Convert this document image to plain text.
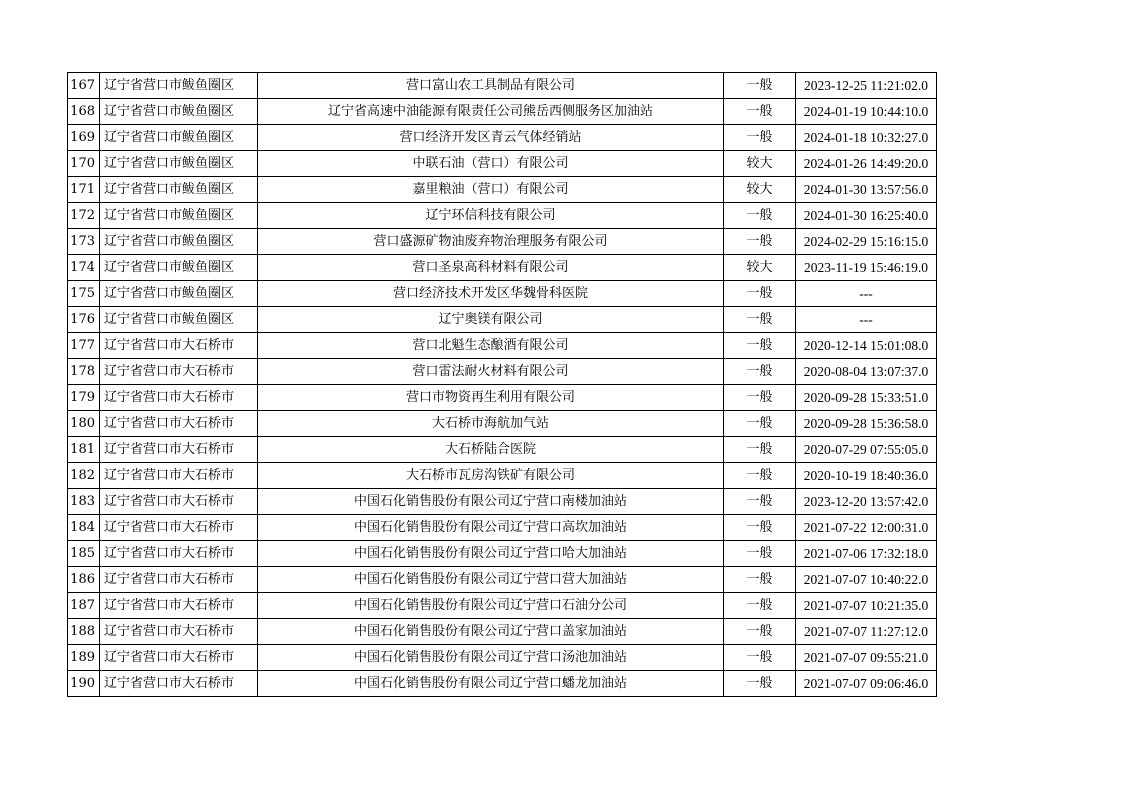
167	辽宁省营口市鲅鱼圈区	营口富山农工具制品有限公司	一般	2023-12-25 11:21:02.0
168	辽宁省营口市鲅鱼圈区	辽宁省高速中油能源有限责任公司熊岳西侧服务区加油站	一般	2024-01-19 10:44:10.0
169	辽宁省营口市鲅鱼圈区	营口经济开发区青云气体经销站	一般	2024-01-18 10:32:27.0
170	辽宁省营口市鲅鱼圈区	中联石油（营口）有限公司	较大	2024-01-26 14:49:20.0
171	辽宁省营口市鲅鱼圈区	嘉里粮油（营口）有限公司	较大	2024-01-30 13:57:56.0
172	辽宁省营口市鲅鱼圈区	辽宁环信科技有限公司	一般	2024-01-30 16:25:40.0
173	辽宁省营口市鲅鱼圈区	营口盛源矿物油废弃物治理服务有限公司	一般	2024-02-29 15:16:15.0
174	辽宁省营口市鲅鱼圈区	营口圣泉高科材料有限公司	较大	2023-11-19 15:46:19.0
175	辽宁省营口市鲅鱼圈区	营口经济技术开发区华魏骨科医院	一般	---
176	辽宁省营口市鲅鱼圈区	辽宁奥镁有限公司	一般	---
177	辽宁省营口市大石桥市	营口北魁生态酿酒有限公司	一般	2020-12-14 15:01:08.0
178	辽宁省营口市大石桥市	营口雷法耐火材料有限公司	一般	2020-08-04 13:07:37.0
179	辽宁省营口市大石桥市	营口市物资再生利用有限公司	一般	2020-09-28 15:33:51.0
180	辽宁省营口市大石桥市	大石桥市海航加气站	一般	2020-09-28 15:36:58.0
181	辽宁省营口市大石桥市	大石桥陆合医院	一般	2020-07-29 07:55:05.0
182	辽宁省营口市大石桥市	大石桥市瓦房沟铁矿有限公司	一般	2020-10-19 18:40:36.0
183	辽宁省营口市大石桥市	中国石化销售股份有限公司辽宁营口南楼加油站	一般	2023-12-20 13:57:42.0
184	辽宁省营口市大石桥市	中国石化销售股份有限公司辽宁营口高坎加油站	一般	2021-07-22 12:00:31.0
185	辽宁省营口市大石桥市	中国石化销售股份有限公司辽宁营口哈大加油站	一般	2021-07-06 17:32:18.0
186	辽宁省营口市大石桥市	中国石化销售股份有限公司辽宁营口营大加油站	一般	2021-07-07 10:40:22.0
187	辽宁省营口市大石桥市	中国石化销售股份有限公司辽宁营口石油分公司	一般	2021-07-07 10:21:35.0
188	辽宁省营口市大石桥市	中国石化销售股份有限公司辽宁营口盖家加油站	一般	2021-07-07 11:27:12.0
189	辽宁省营口市大石桥市	中国石化销售股份有限公司辽宁营口汤池加油站	一般	2021-07-07 09:55:21.0
190	辽宁省营口市大石桥市	中国石化销售股份有限公司辽宁营口蟠龙加油站	一般	2021-07-07 09:06:46.0
